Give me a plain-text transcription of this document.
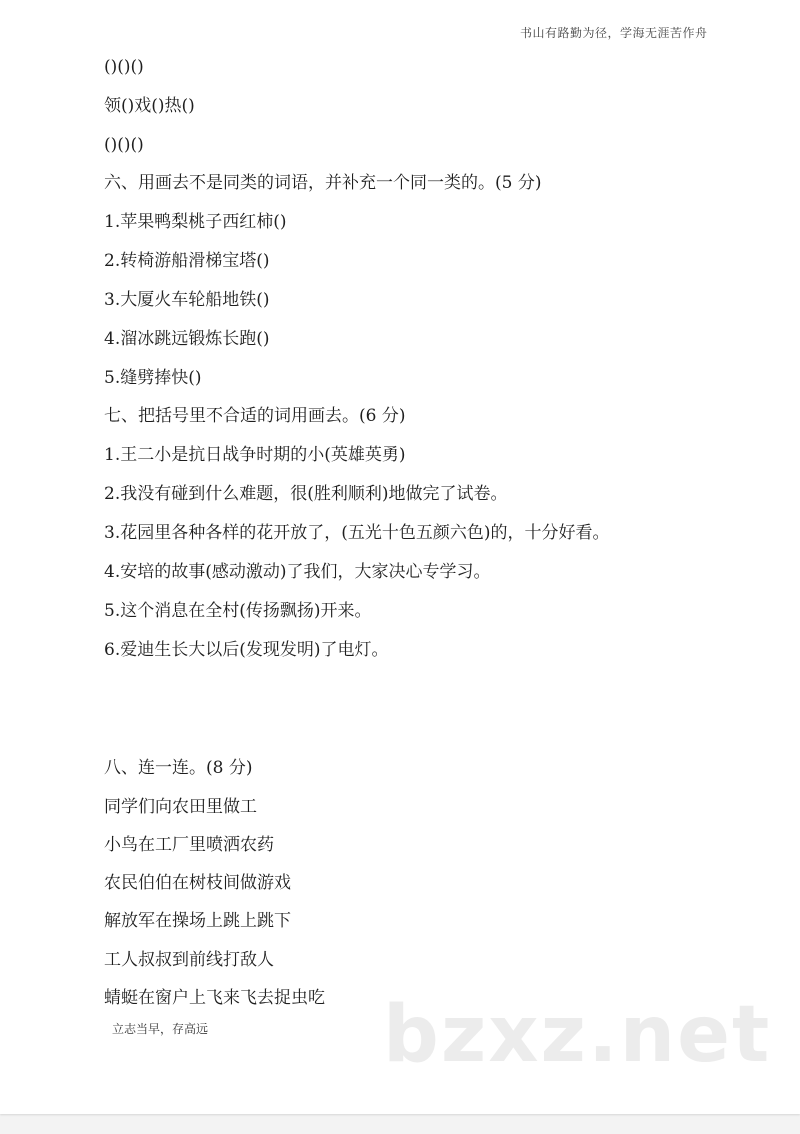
书山有路勤为径，学海无涯苦作舟
()()()
领()戏()热()
()()()
六、用画去不是同类的词语，并补充一个同一类的。(5 分)
1.苹果鸭梨桃子西红柿()
2.转椅游船滑梯宝塔()
3.大厦火车轮船地铁()
4.溜冰跳远锻炼长跑()
5.缝劈捧快()
七、把括号里不合适的词用画去。(6 分)
1.王二小是抗日战争时期的小(英雄英勇)
2.我没有碰到什么难题，很(胜利顺利)地做完了试卷。
3.花园里各种各样的花开放了，(五光十色五颜六色)的，十分好看。
4.安培的故事(感动激动)了我们，大家决心专学习。
5.这个消息在全村(传扬飘扬)开来。
6.爱迪生长大以后(发现发明)了电灯。
八、连一连。(8 分)
同学们向农田里做工
小鸟在工厂里喷洒农药
农民伯伯在树枝间做游戏
解放军在操场上跳上跳下
工人叔叔到前线打敌人
蜻蜓在窗户上飞来飞去捉虫吃 bzxz.net
立志当早，存高远
